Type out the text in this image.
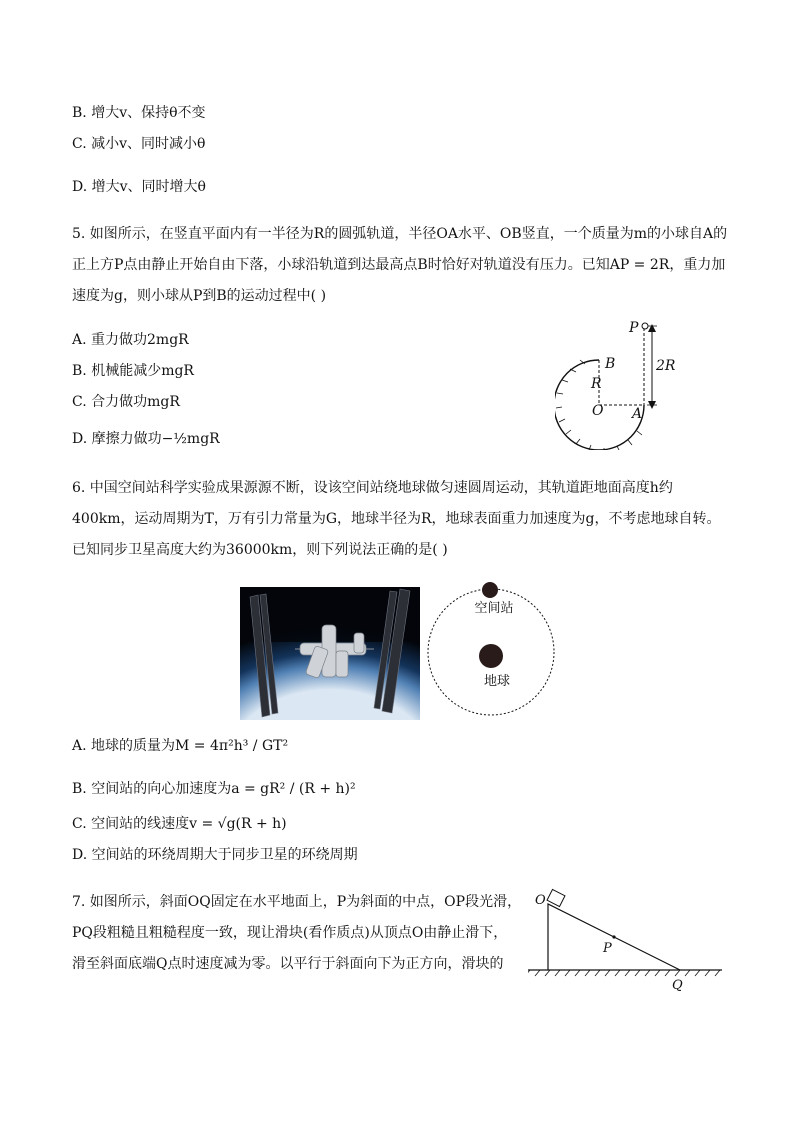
B. 增大v、保持θ不变

C. 减小v、同时减小θ

D. 增大v、同时增大θ

5. 如图所示，在竖直平面内有一半径为R的圆弧轨道，半径OA水平、OB竖直，一个质量为m的小球自A的

正上方P点由静止开始自由下落，小球沿轨道到达最高点B时恰好对轨道没有压力。已知AP = 2R，重力加

速度为g，则小球从P到B的运动过程中( )

A. 重力做功2mgR

B. 机械能减少mgR

C. 合力做功mgR

D. 摩擦力做功−½mgR

P
B	2R
R
O A

6. 中国空间站科学实验成果源源不断，设该空间站绕地球做匀速圆周运动，其轨道距地面高度h约

400km，运动周期为T，万有引力常量为G，地球半径为R，地球表面重力加速度为g，不考虑地球自转。

已知同步卫星高度大约为36000km，则下列说法正确的是( )

空间站
地球

A. 地球的质量为M = 4π²h³ / GT²

B. 空间站的向心加速度为a = gR² / (R + h)²

C. 空间站的线速度v = √g(R + h)

D. 空间站的环绕周期大于同步卫星的环绕周期

7. 如图所示，斜面OQ固定在水平地面上，P为斜面的中点，OP段光滑，

PQ段粗糙且粗糙程度一致，现让滑块(看作质点)从顶点O由静止滑下，

滑至斜面底端Q点时速度减为零。以平行于斜面向下为正方向，滑块的

O
P
Q
